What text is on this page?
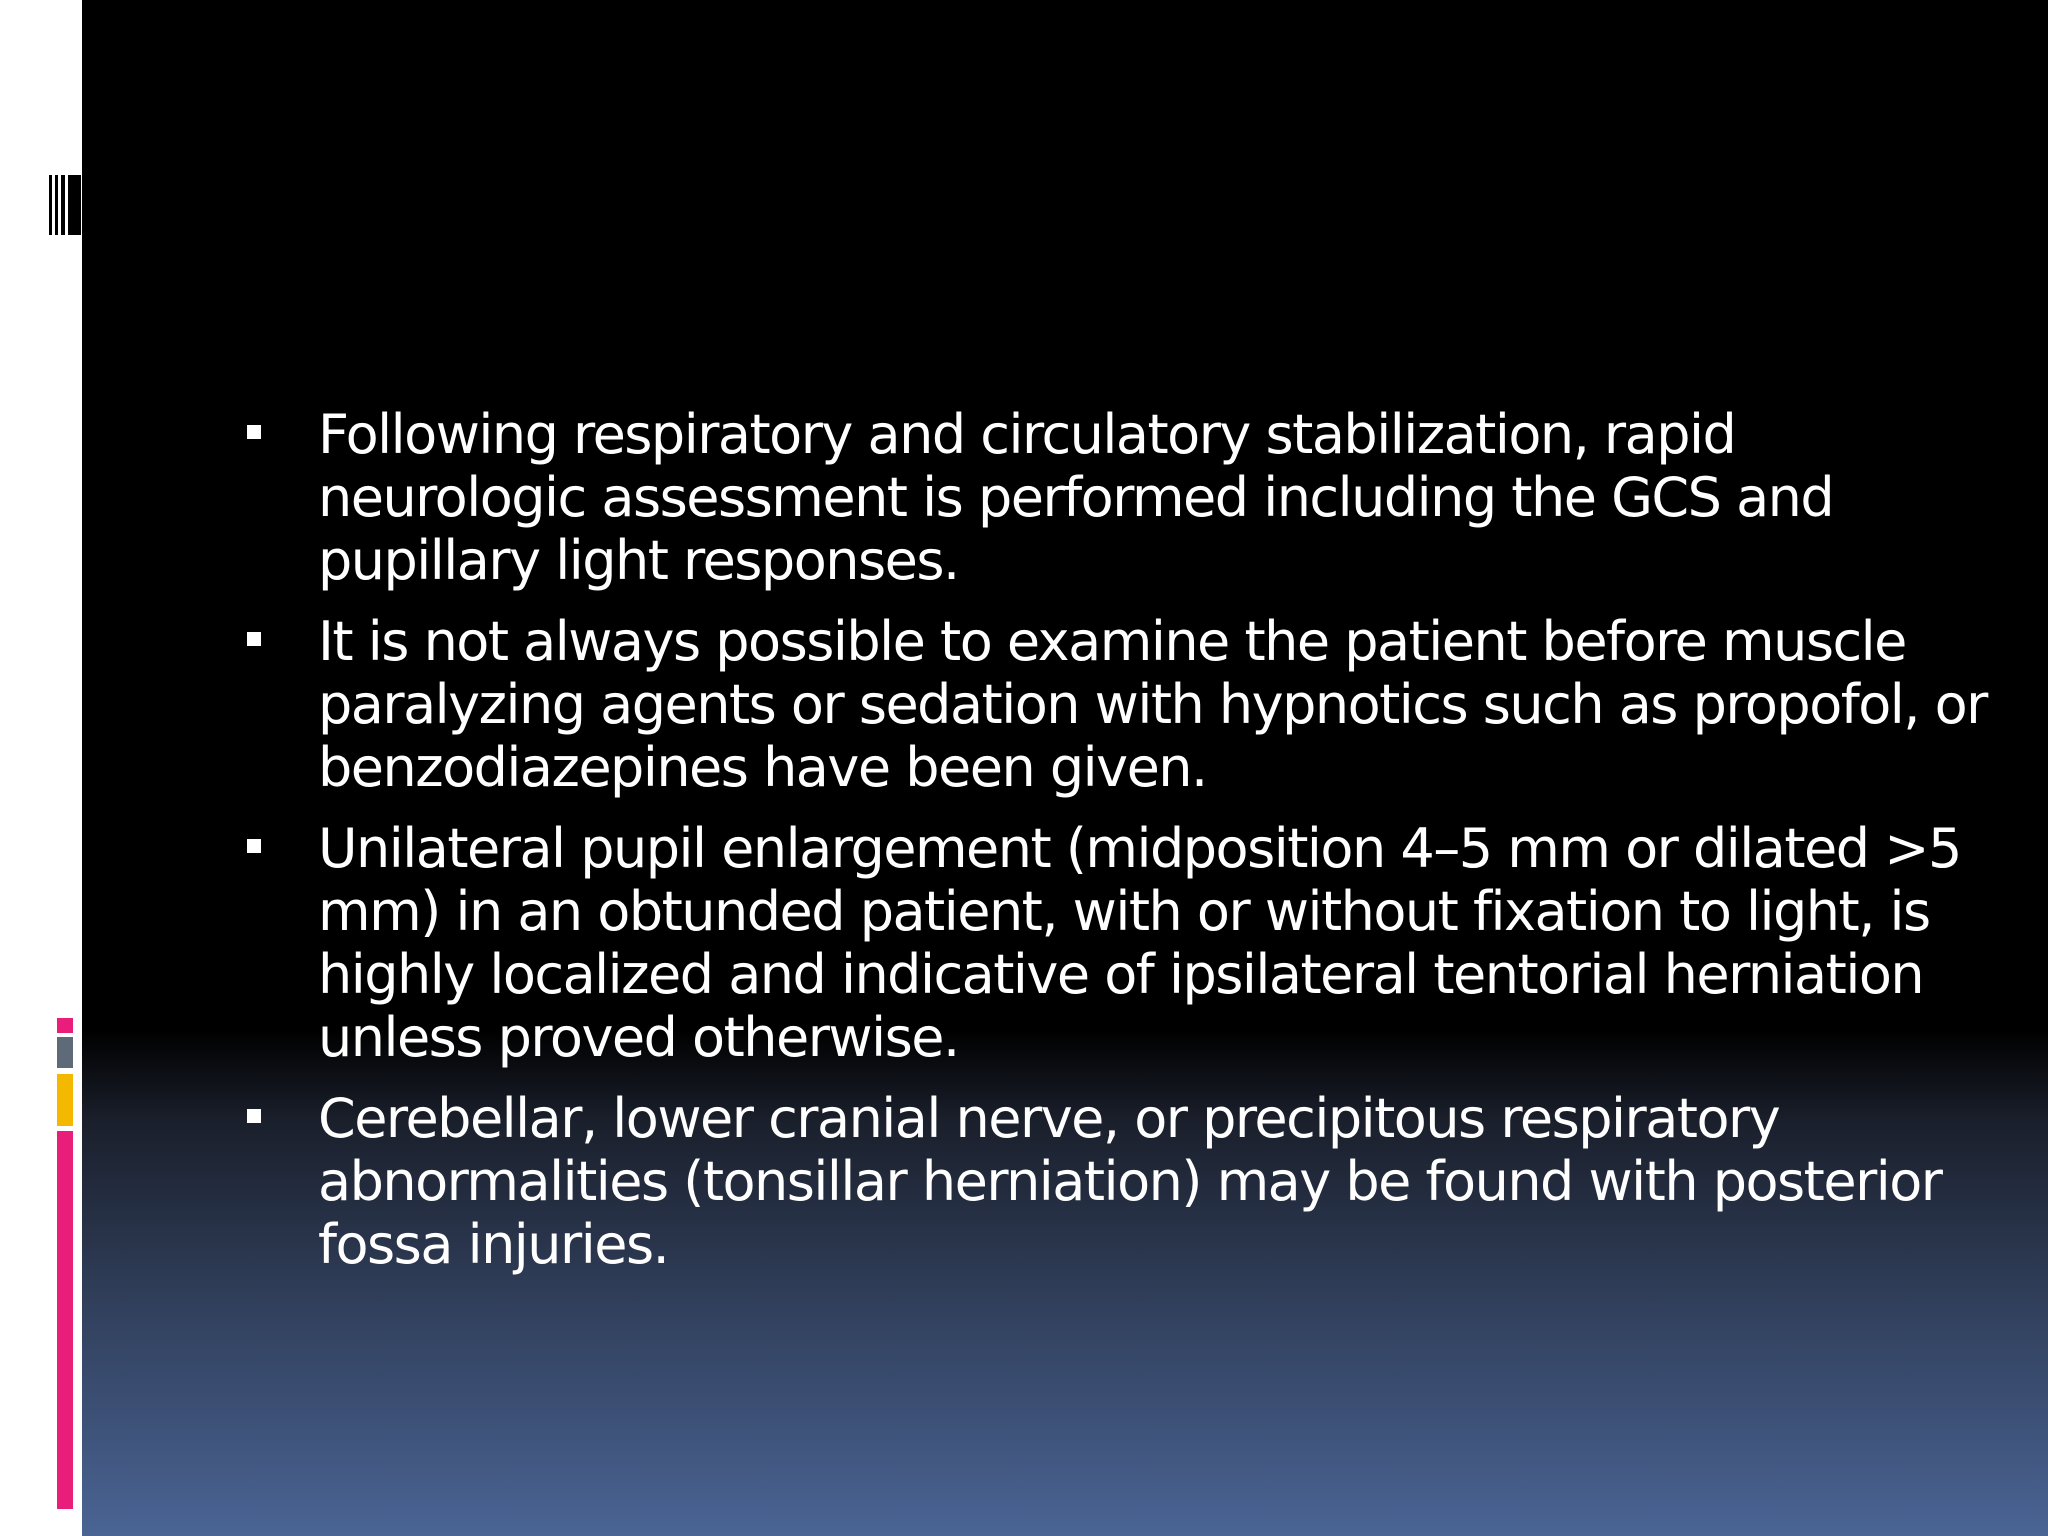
Following respiratory and circulatory stabilization, rapid neurologic assessment is performed including the GCS and pupillary light responses.
It is not always possible to examine the patient before muscle paralyzing agents or sedation with hypnotics such as propofol, or benzodiazepines have been given.
Unilateral pupil enlargement (midposition 4–5 mm or dilated >5 mm) in an obtunded patient, with or without fixation to light, is highly localized and indicative of ipsilateral tentorial herniation unless proved otherwise.
Cerebellar, lower cranial nerve, or precipitous respiratory abnormalities (tonsillar herniation) may be found with posterior fossa injuries.
